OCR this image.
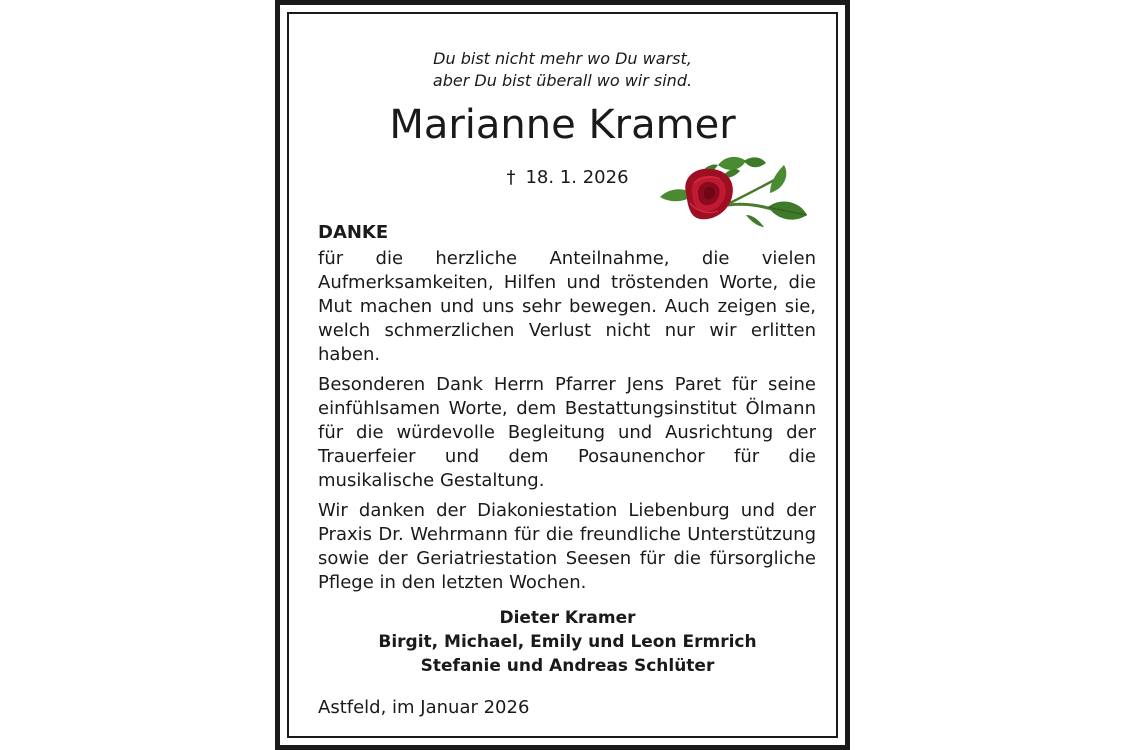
Du bist nicht mehr wo Du warst,
aber Du bist überall wo wir sind.
Marianne Kramer
† 18. 1. 2026
DANKE

für die herzliche Anteilnahme, die vielen Aufmerksamkeiten, Hilfen und tröstenden Worte, die Mut machen und uns sehr bewegen. Auch zeigen sie, welch schmerzlichen Verlust nicht nur wir erlitten haben.

Besonderen Dank Herrn Pfarrer Jens Paret für seine einfühlsamen Worte, dem Bestattungsinstitut Ölmann für die würdevolle Begleitung und Ausrichtung der Trauerfeier und dem Posaunenchor für die musikalische Gestaltung.

Wir danken der Diakoniestation Liebenburg und der Praxis Dr. Wehrmann für die freundliche Unterstützung sowie der Geriatriestation Seesen für die fürsorgliche Pflege in den letzten Wochen.

Dieter Kramer
Birgit, Michael, Emily und Leon Ermrich
Stefanie und Andreas Schlüter
Astfeld, im Januar 2026
